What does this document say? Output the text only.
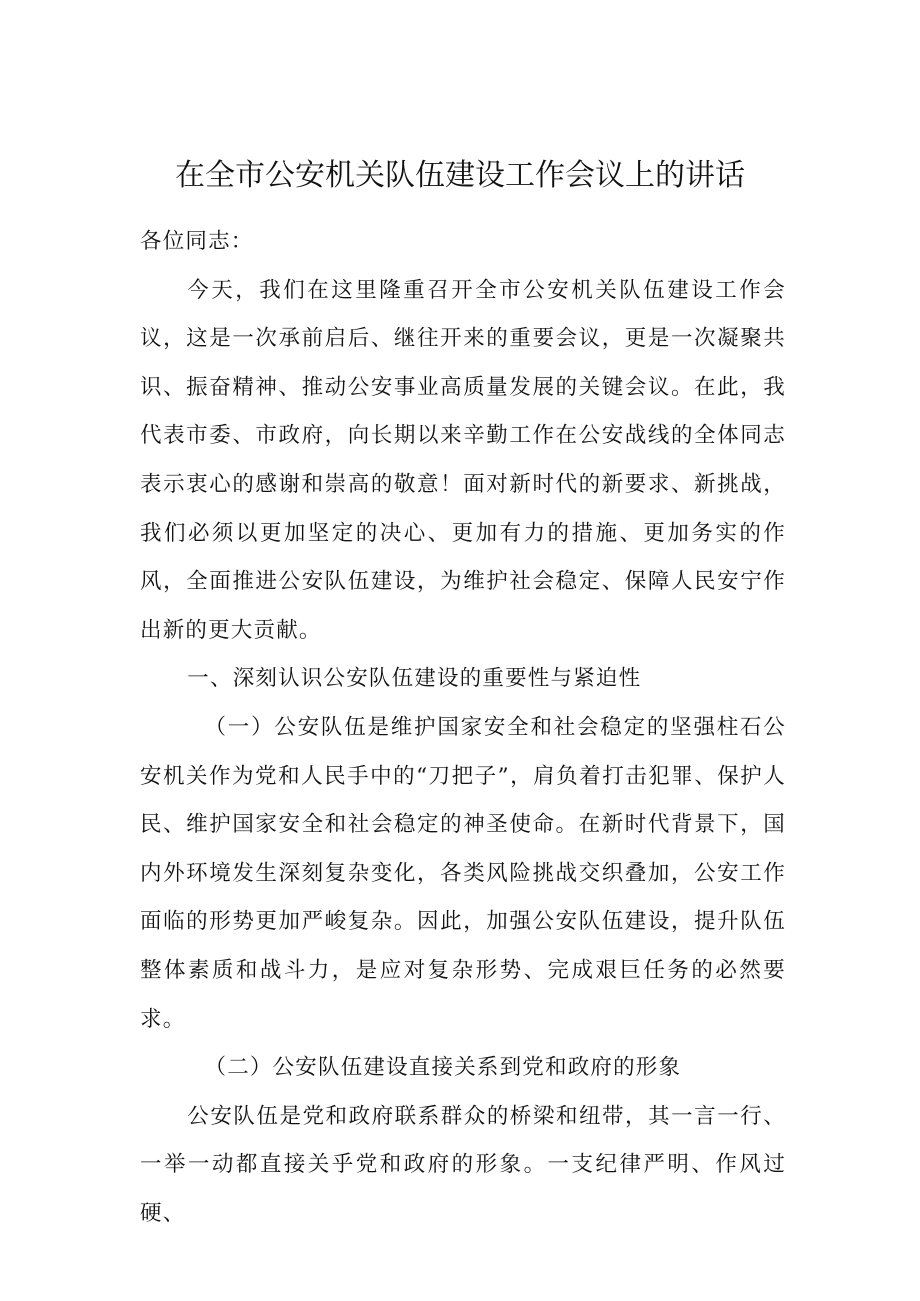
在全市公安机关队伍建设工作会议上的讲话

各位同志：

今天，我们在这里隆重召开全市公安机关队伍建设工作会议，这是一次承前启后、继往开来的重要会议，更是一次凝聚共识、振奋精神、推动公安事业高质量发展的关键会议。在此，我代表市委、市政府，向长期以来辛勤工作在公安战线的全体同志表示衷心的感谢和崇高的敬意！面对新时代的新要求、新挑战，我们必须以更加坚定的决心、更加有力的措施、更加务实的作风，全面推进公安队伍建设，为维护社会稳定、保障人民安宁作出新的更大贡献。

一、深刻认识公安队伍建设的重要性与紧迫性

（一）公安队伍是维护国家安全和社会稳定的坚强柱石公安机关作为党和人民手中的“刀把子”，肩负着打击犯罪、保护人民、维护国家安全和社会稳定的神圣使命。在新时代背景下，国内外环境发生深刻复杂变化，各类风险挑战交织叠加，公安工作面临的形势更加严峻复杂。因此，加强公安队伍建设，提升队伍整体素质和战斗力，是应对复杂形势、完成艰巨任务的必然要求。

（二）公安队伍建设直接关系到党和政府的形象

公安队伍是党和政府联系群众的桥梁和纽带，其一言一行、一举一动都直接关乎党和政府的形象。一支纪律严明、作风过硬、
